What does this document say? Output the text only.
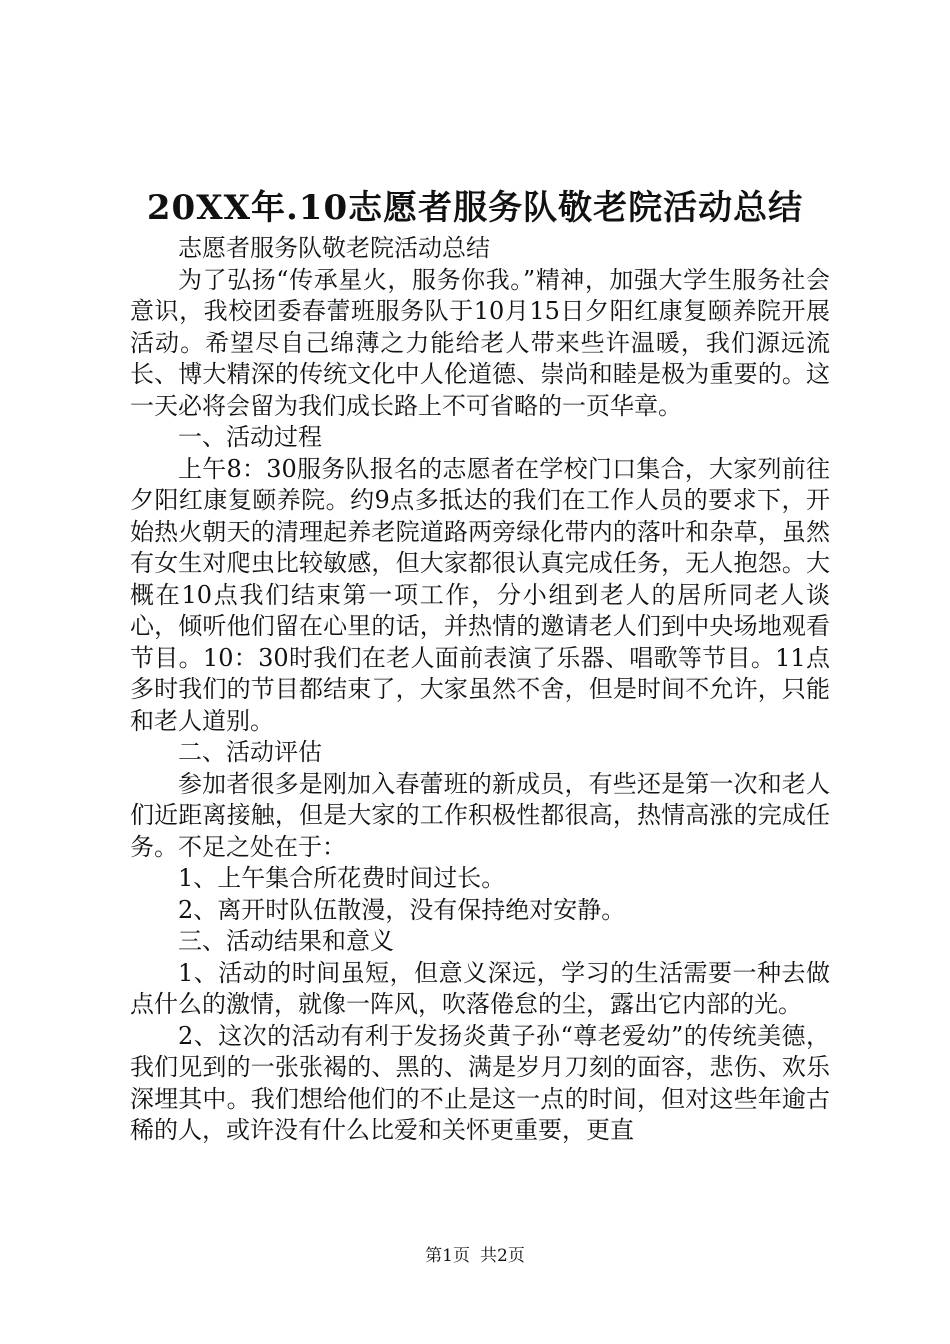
20XX年.10志愿者服务队敬老院活动总结

志愿者服务队敬老院活动总结

为了弘扬“传承星火，服务你我。”精神，加强大学生服务社会意识，我校团委春蕾班服务队于10月15日夕阳红康复颐养院开展活动。希望尽自己绵薄之力能给老人带来些许温暖，我们源远流长、博大精深的传统文化中人伦道德、崇尚和睦是极为重要的。这一天必将会留为我们成长路上不可省略的一页华章。

一、活动过程

上午8：30服务队报名的志愿者在学校门口集合，大家列前往夕阳红康复颐养院。约9点多抵达的我们在工作人员的要求下，开始热火朝天的清理起养老院道路两旁绿化带内的落叶和杂草，虽然有女生对爬虫比较敏感，但大家都很认真完成任务，无人抱怨。大概在10点我们结束第一项工作，分小组到老人的居所同老人谈心，倾听他们留在心里的话，并热情的邀请老人们到中央场地观看节目。10：30时我们在老人面前表演了乐器、唱歌等节目。11点多时我们的节目都结束了，大家虽然不舍，但是时间不允许，只能和老人道别。

二、活动评估

参加者很多是刚加入春蕾班的新成员，有些还是第一次和老人们近距离接触，但是大家的工作积极性都很高，热情高涨的完成任务。不足之处在于：

1、上午集合所花费时间过长。

2、离开时队伍散漫，没有保持绝对安静。

三、活动结果和意义

1、活动的时间虽短，但意义深远，学习的生活需要一种去做点什么的激情，就像一阵风，吹落倦怠的尘，露出它内部的光。

2、这次的活动有利于发扬炎黄子孙“尊老爱幼”的传统美德，我们见到的一张张褐的、黑的、满是岁月刀刻的面容，悲伤、欢乐深埋其中。我们想给他们的不止是这一点的时间，但对这些年逾古稀的人，或许没有什么比爱和关怀更重要，更直

第1页 共2页
